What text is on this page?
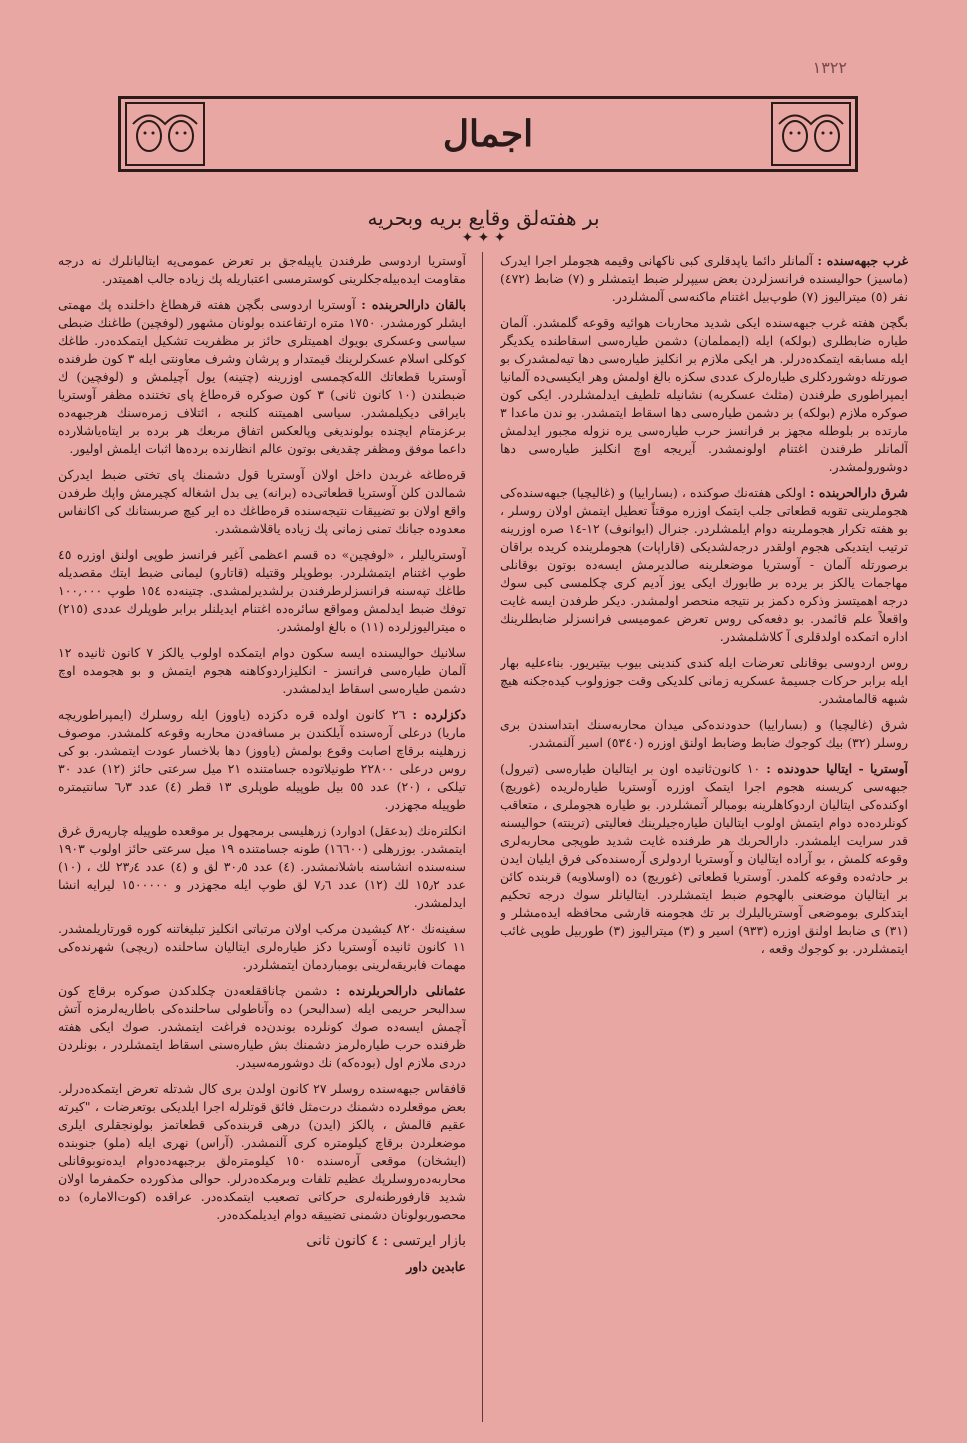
١٣٢٢
اجمال
بر هفته‌لق وقایع بریه وبحریه
✦ ✦ ✦

غرب جبهه‌سنده : آلمانلر دائما یاپدقلری کبی ناکهانی وقیمه هجوملر اجرا ایدرک (ماسیز) حوالیسنده فرانسزلردن بعض سیپرلر ضبط ایتمشلر و (۷) ضابط (٤٧٢) نفر (٥) میترالیوز (٧) طوپ‌بیل اغتنام ماکنه‌سی آلمشلردر.

بگچن هفته غرب جبهه‌سنده ایکی شدید محاربات هوائیه وقوعه گلمشدر. آلمان طیاره ضابطلری (بولکه) ایله (ایمملمان) دشمن طیاره‌سی اسقاطنده یکدیگر ایله مسابقه ایتمکده‌درلر. هر ایکی ملازم بر انکلیز طیاره‌سی دها تیه‌لمشدرک بو صورتله دوشوردکلری طیاره‌لرک عددی سکزه بالغ اولمش وهر ایکیسی‌ده آلمانیا ایمپراطوری طرفندن (مثلث عسکریه) نشانیله تلطیف ایدلمشلردر. ایکی کون صوکره ملازم (بولکه) بر دشمن طیاره‌سی دها اسقاط ایتمشدر. بو ندن ماعدا ۳ مارتده بر بلوطله مجهز بر فرانسز حرب طیاره‌سی یره نزوله مجبور ایدلمش آلمانلر طرفندن اغتنام اولونمشدر. آیریجه اوچ انکلیز طیاره‌سی دها دوشورولمشدر.

شرق دارالحربنده : اولکی هفته‌نك صوکنده ، (بساراییا) و (غالیچیا) جبهه‌سنده‌کی هجوملرینی تقویه قطعاتی جلب ایتمک اوزره موقتاً تعطیل ایتمش اولان روسلر ، بو هفته تکرار هجوملرینه دوام ایلمشلردر. جنرال (ایوانوف) ١٢-١٤ صره اوزرینه ترتیب ایتدیکی هجوم اولقدر درجه‌لشدیکی (قاراپات) هجوملرینده کریده براقان برصورتله آلمان - آوستریا موضعلرینه صالدیرمش ایسه‌ده بوتون بوقانلی مهاجمات یالکز بر یرده بر طابورك ایکی یوز آدیم کری چکلمسی کبی سوك درجه اهمیتسز وذکره دکمز بر نتیجه منحصر اولمشدر. دیکر طرفدن ایسه غایت واقعلاً علم قائمدر. بو دفعه‌کی روس تعرض عمومیسی فرانسزلر ضابطلرینك اداره اتمکده اولدقلری آ کلاشلمشدر.

روس اردوسی بوقانلی تعرضات ایله کندی کندینی بیوب بیتیریور. بناءعلیه بهار ایله برابر حرکات جسیمهٔ عسکریه زمانی کلدیکی وقت جوزولوب کیده‌جکنه هیچ شبهه قالمامشدر.

شرق (غالیچیا) و (بساراییا) حدودنده‌کی میدان محاربه‌سنك ابتداسندن بری روسلر (٣٢) بیك کوجوك ضابط وضابط اولنق اوزره (٥٣٤٠) اسیر آلنمشدر.

آوستریا - ایتالیا حدودنده : ١٠ کانون‌ثانیده اون بر ایتالیان طیاره‌سی (تیرول) جبهه‌سی کریسنه هجوم اجرا ایتمک اوزره آوستریا طیاره‌لریده (غوریچ) اوکنده‌کی ایتالیان اردوکاهلرینه بومبالر آتمشلردر. بو طیاره هجوملری ، متعاقب کونلرده‌ده دوام ایتمش اولوب ایتالیان طیاره‌جیلرینك فعالیتی (ترینته) حوالیسنه قدر سرایت ایلمشدر. دارالحربك هر طرفنده غایت شدید طوپجی محاربه‌لری وقوعه کلمش ، بو آراده ایتالیان و آوستریا اردولری آره‌سنده‌کی فرق ایلیان ایدن بر حادثه‌ده وقوعه کلمدر. آوستریا قطعاتی (غوریچ) ده (اوسلاویه) قربنده کائن بر ایتالیان موضعنی بالهجوم ضبط ایتمشلردر. ایتالیانلر سوك درجه تحکیم ایتدکلری بوموضعی آوستریالیلرك بر تك هجومنه قارشی محافظه ایده‌مشلر و (٣١) ی ضابط اولنق اوزره (٩٣٣) اسیر و (٣) میترالیوز (٣) طوربیل طوپی غائب ایتمشلردر. بو کوجوك وقعه ،

آوستریا اردوسی طرفندن یاپیله‌جق بر تعرض عمومی‌یه ایتالیانلرك نه درجه مقاومت ایده‌بیله‌جکلرینی کوسترمسی اعتباریله پك زیاده جالب اهمیتدر.

بالقان دارالحربنده : آوستریا اردوسی بگچن هفته قرهطاغ داخلنده پك مهمتی ایشلر کورمشدر. ١٧٥٠ متره ارتفاعنده بولونان مشهور (لوفچین) طاغنك ضبطی سیاسی وعسکری بویوك اهمیتلری حائز بر مظفریت تشکیل ایتمکده‌در. طاغك کوکلی اسلام عسکرلرینك قیمتدار و پرشان وشرف معاونتی ایله ٣ کون طرفنده آوستریا قطعاتك الله‌کچمسی اوزرینه (چتینه) یول آچیلمش و (لوفچین) ك ضبطندن (١٠ کانون ثانی) ٣ کون صوکره قره‌طاغ پای تختنده مظفر آوستریا بایراقی دیکیلمشدر. سیاسی اهمیتنه کلنجه ، ائتلاف زمره‌سنك هرجبهه‌ده برعزمتام ایچنده بولوندیغی وپالعکس اتفاق مربعك هر برده بر ایتاه‌یاشلارده داعما موفق ومظفر چقدیغی بوتون عالم انظارنده برده‌ها اثبات ایلمش اولیور.

قره‌طاغه غربدن داخل اولان آوستریا قول دشمنك پای تختی ضبط ایدرکن شمالدن کلن آوستریا قطعاتی‌ده (برانه) یی بدل اشغاله کچیرمش واپك طرفدن واقع اولان بو تضییقات نتیجه‌سنده قره‌طاغك ده ایر کیچ صربستانك کی اکانفاس معدوده جبانك تمنی زمانی پك زیاده یاقلاشمشدر.

آوستریالیلر ، «لوفچین» ده قسم اعظمی آغیر فرانسز طوپی اولنق اوزره ٤٥ طوپ اغتنام ایتمشلردر. بوطوپلر وقتیله (قاتارو) لیمانی ضبط ایتك مقصدیله طاغك تپه‌سنه فرانسزلرطرفندن برلشدیرلمشدی. چتینه‌ده ١٥٤ طوپ ١٠٠,٠٠٠ توفك ضبط ایدلمش ومواقع سائره‌ده اغتنام ایدیلنلر برابر طوپلرك عددی (٢١٥) ه میترالیوزلرده (١١) ه بالغ اولمشدر.

سلانیك حوالیسنده ایسه سکون دوام ایتمکده اولوب یالکز ٧ کانون ثانیده ١٢ آلمان طیاره‌سی فرانسز - انکلیزاردوکاهنه هجوم ایتمش و بو هجومده اوچ دشمن طیاره‌سی اسقاط ایدلمشدر.

دکزلرده : ٢٦ کانون اولده قره دکزده (یاووز) ایله روسلرك (ایمپراطوریچه ماریا) درعلی آره‌سنده آیلکندن بر مسافه‌دن محاربه وقوعه کلمشدر. موصوف زرهلینه برقاچ اصابت وقوع بولمش (یاووز) دها بلاخسار عودت ایتمشدر. بو کی روس درعلی ٢٢٨٠٠ طونیلاتوده جسامتنده ٢١ میل سرعتی حائز (١٢) عدد ٣٠ تیلکی ، (٢٠) عدد ٥٥ بیل طوپیله طوپلری ١٣ قطر (٤) عدد ٦٫٣ سانتیمتره طوپیله مجهزدر.

انکلتره‌نك (بدعقل) ادوارد) زرهلیسی برمجهول بر موقعده طوپیله چارپه‌رق غرق ایتمشدر. بوزرهلی (١٦٦٠٠) طونه جسامتنده ١٩ میل سرعتی حائز اولوب ١٩٠٣ سنه‌سنده انشاسنه باشلانمشدر. (٤) عدد ٣٠٫٥ لق و (٤) عدد ٢٣٫٤ لك ، (١٠) عدد ١٥٫٢ لك (١٢) عدد ٧٫٦ لق طوپ ایله مجهزدر و ١٥٠٠٠٠٠ لیرایه انشا ایدلمشدر.

سفینه‌نك ٨٢٠ کیشیدن مرکب اولان مرتباتی انکلیز تبلیغاتنه کوره قورتاریلمشدر. ١١ کانون ثانیده آوستریا دکز طیاره‌لری ایتالیان ساحلنده (ریچی) شهرنده‌کی مهمات فابریقه‌لرینی بومباردمان ایتمشلردر.

عثمانلی دارالحربلرنده : دشمن چاناققلعه‌دن چکلدکدن صوکره برقاچ کون سدالبحر حریمی ایله (سدالبحر) ده وآناطولی ساحلنده‌کی باطاریه‌لرمزه آتش آچمش ایسه‌ده صوك کونلرده بوندن‌ده فراغت ایتمشدر. صوك ایکی هفته ظرفنده حرب طیاره‌لرمز دشمنك بش طیاره‌سنی اسقاط ایتمشلردر ، بونلردن دردی ملازم اول (بوده‌که) نك دوشورمه‌سیدر.

قافقاس جبهه‌سنده روسلر ٢٧ کانون اولدن بری کال شدتله تعرض ایتمکده‌درلر. بعض موقعلرده دشمنك درت‌مثل فائق قوتلرله اجرا ایلدیکی بوتعرضات ، "کیرته عقیم قالمش ، پالکز (ایدن) درهی قربنده‌کی قطعاتمز بولونجقلری ایلری موضعلردن برقاچ کیلومتره کری آلنمشدر. (آراس) نهری ایله (ملو) جنوبنده (ایشخان) موقعی آره‌سنده ١٥٠ کیلومتره‌لق برجبهه‌ده‌دوام ایده‌نوبوقانلی محاربه‌ده‌روسلرپك عظیم تلفات وبرمکده‌درلر. حوالی مذکورده حکمفرما اولان شدید قارفورطنه‌لری حرکاتی تصعیب ایتمکده‌در. عراقده (کوت‌الاماره) ده محصوربولونان دشمنی تضییقه دوام ایدیلمکده‌در.

بازار ایرتسی : ٤ کانون ثانی

عابدین داور
